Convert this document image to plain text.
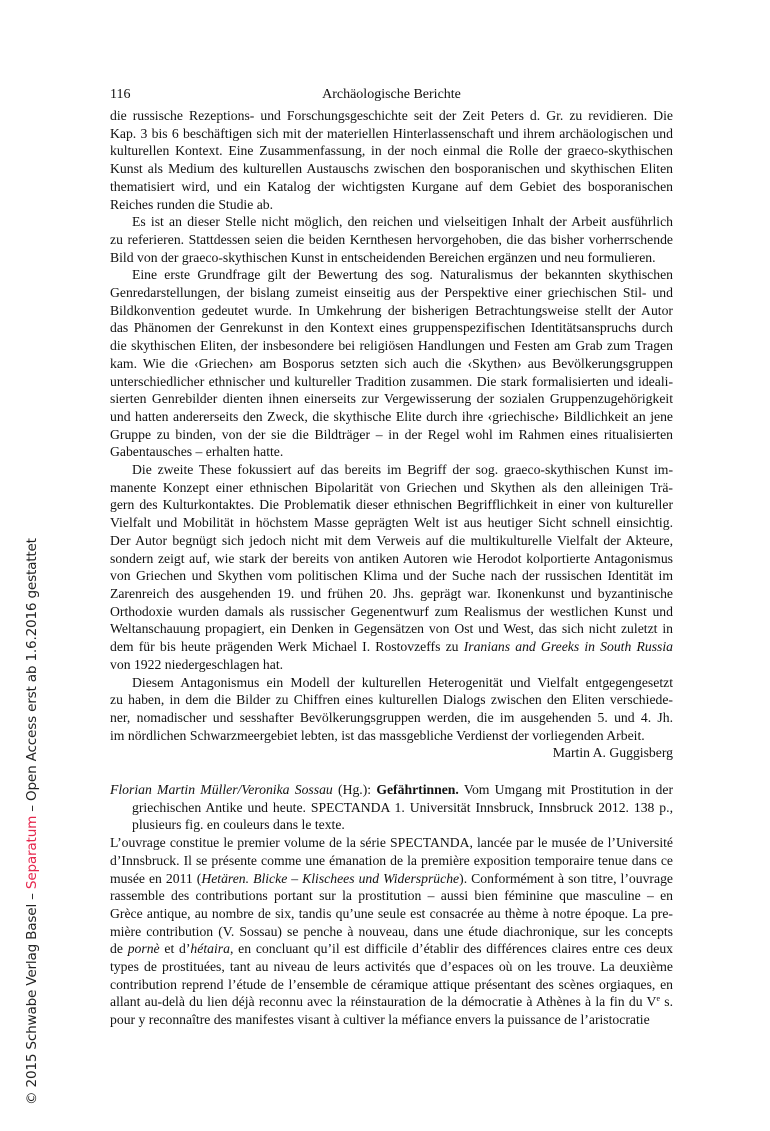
116	Archäologische Berichte
die russische Rezeptions- und Forschungsgeschichte seit der Zeit Peters d. Gr. zu revidieren. Die
Kap. 3 bis 6 beschäftigen sich mit der materiellen Hinterlassenschaft und ihrem archäologischen und
kulturellen Kontext. Eine Zusammenfassung, in der noch einmal die Rolle der graeco-skythischen
Kunst als Medium des kulturellen Austauschs zwischen den bosporanischen und skythischen Eliten
thematisiert wird, und ein Katalog der wichtigsten Kurgane auf dem Gebiet des bosporanischen
Reiches runden die Studie ab.
Es ist an dieser Stelle nicht möglich, den reichen und vielseitigen Inhalt der Arbeit ausführlich
zu referieren. Stattdessen seien die beiden Kernthesen hervorgehoben, die das bisher vorherrschende
Bild von der graeco-skythischen Kunst in entscheidenden Bereichen ergänzen und neu formulieren.
Eine erste Grundfrage gilt der Bewertung des sog. Naturalismus der bekannten skythischen
Genredarstellungen, der bislang zumeist einseitig aus der Perspektive einer griechischen Stil- und
Bildkonvention gedeutet wurde. In Umkehrung der bisherigen Betrachtungsweise stellt der Autor
das Phänomen der Genrekunst in den Kontext eines gruppenspezifischen Identitätsanspruchs durch
die skythischen Eliten, der insbesondere bei religiösen Handlungen und Festen am Grab zum Tragen
kam. Wie die ‹Griechen› am Bosporus setzten sich auch die ‹Skythen› aus Bevölkerungsgruppen
unterschiedlicher ethnischer und kultureller Tradition zusammen. Die stark formalisierten und ideali-
sierten Genrebilder dienten ihnen einerseits zur Vergewisserung der sozialen Gruppenzugehörigkeit
und hatten andererseits den Zweck, die skythische Elite durch ihre ‹griechische› Bildlichkeit an jene
Gruppe zu binden, von der sie die Bildträger – in der Regel wohl im Rahmen eines ritualisierten
Gabentausches – erhalten hatte.
Die zweite These fokussiert auf das bereits im Begriff der sog. graeco-skythischen Kunst im-
manente Konzept einer ethnischen Bipolarität von Griechen und Skythen als den alleinigen Trä-
gern des Kulturkontaktes. Die Problematik dieser ethnischen Begrifflichkeit in einer von kultureller
Vielfalt und Mobilität in höchstem Masse geprägten Welt ist aus heutiger Sicht schnell einsichtig.
Der Autor begnügt sich jedoch nicht mit dem Verweis auf die multikulturelle Vielfalt der Akteure,
sondern zeigt auf, wie stark der bereits von antiken Autoren wie Herodot kolportierte Antagonismus
von Griechen und Skythen vom politischen Klima und der Suche nach der russischen Identität im
Zarenreich des ausgehenden 19. und frühen 20. Jhs. geprägt war. Ikonenkunst und byzantinische
Orthodoxie wurden damals als russischer Gegenentwurf zum Realismus der westlichen Kunst und
Weltanschauung propagiert, ein Denken in Gegensätzen von Ost und West, das sich nicht zuletzt in
dem für bis heute prägenden Werk Michael I. Rostovzeffs zu Iranians and Greeks in South Russia
von 1922 niedergeschlagen hat.
Diesem Antagonismus ein Modell der kulturellen Heterogenität und Vielfalt entgegengesetzt
zu haben, in dem die Bilder zu Chiffren eines kulturellen Dialogs zwischen den Eliten verschiede-
ner, nomadischer und sesshafter Bevölkerungsgruppen werden, die im ausgehenden 5. und 4. Jh.
im nördlichen Schwarzmeergebiet lebten, ist das massgebliche Verdienst der vorliegenden Arbeit.
Martin A. Guggisberg
Florian Martin Müller/Veronika Sossau (Hg.): Gefährtinnen. Vom Umgang mit Prostitution in der
griechischen Antike und heute. SPECTANDA 1. Universität Innsbruck, Innsbruck 2012. 138 p.,
plusieurs fig. en couleurs dans le texte.
L’ouvrage constitue le premier volume de la série SPECTANDA, lancée par le musée de l’Université
d’Innsbruck. Il se présente comme une émanation de la première exposition temporaire tenue dans ce
musée en 2011 (Hetären. Blicke – Klischees und Widersprüche). Conformément à son titre, l’ouvrage
rassemble des contributions portant sur la prostitution – aussi bien féminine que masculine – en
Grèce antique, au nombre de six, tandis qu’une seule est consacrée au thème à notre époque. La pre-
mière contribution (V. Sossau) se penche à nouveau, dans une étude diachronique, sur les concepts
de pornè et d’hétaira, en concluant qu’il est difficile d’établir des différences claires entre ces deux
types de prostituées, tant au niveau de leurs activités que d’espaces où on les trouve. La deuxième
contribution reprend l’étude de l’ensemble de céramique attique présentant des scènes orgiaques, en
allant au-delà du lien déjà reconnu avec la réinstauration de la démocratie à Athènes à la fin du Ve s.
pour y reconnaître des manifestes visant à cultiver la méfiance envers la puissance de l’aristocratie
© 2015 Schwabe Verlag Basel – Separatum – Open Access erst ab 1.6.2016 gestattet
